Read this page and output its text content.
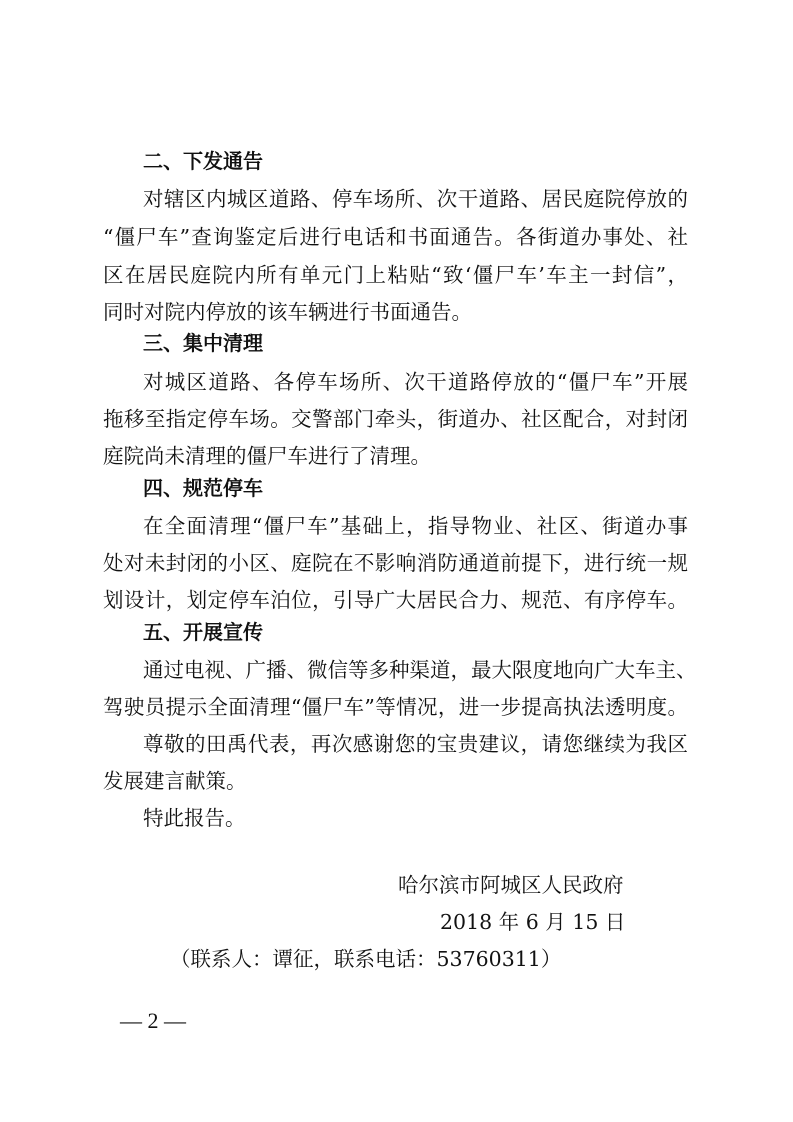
二、下发通告
对辖区内城区道路、停车场所、次干道路、居民庭院停放的
“僵尸车”查询鉴定后进行电话和书面通告。各街道办事处、社
区在居民庭院内所有单元门上粘贴“致‘僵尸车’车主一封信”，
同时对院内停放的该车辆进行书面通告。
三、集中清理
对城区道路、各停车场所、次干道路停放的“僵尸车”开展
拖移至指定停车场。交警部门牵头，街道办、社区配合，对封闭
庭院尚未清理的僵尸车进行了清理。
四、规范停车
在全面清理“僵尸车”基础上，指导物业、社区、街道办事
处对未封闭的小区、庭院在不影响消防通道前提下，进行统一规
划设计，划定停车泊位，引导广大居民合力、规范、有序停车。
五、开展宣传
通过电视、广播、微信等多种渠道，最大限度地向广大车主、
驾驶员提示全面清理“僵尸车”等情况，进一步提高执法透明度。
尊敬的田禹代表，再次感谢您的宝贵建议，请您继续为我区
发展建言献策。
特此报告。
哈尔滨市阿城区人民政府
2018 年 6 月 15 日
（联系人：谭征，联系电话：53760311）
— 2 —
